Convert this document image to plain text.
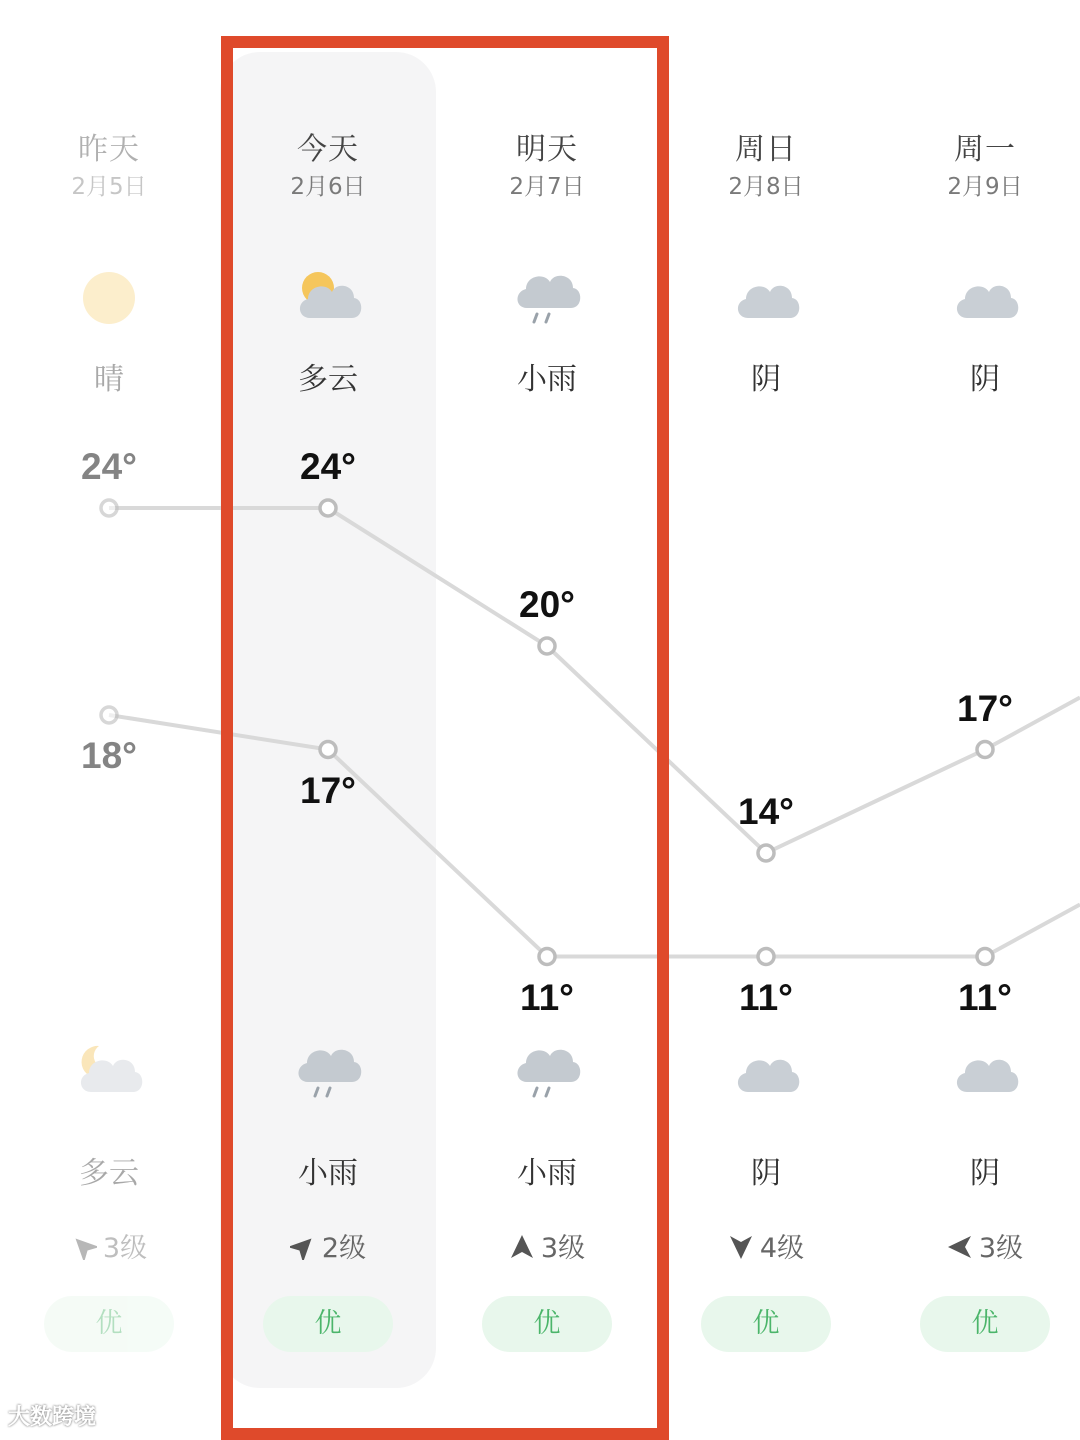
昨天
2月5日
晴
多云
3级
优
今天
2月6日
多云
小雨
2级
优
明天
2月7日
小雨
小雨
3级
优
周日
2月8日
阴
阴
4级
优
周一
2月9日
阴
阴
3级
优
大数跨境
24°
18°
24°
17°
20°
11°
14°
11°
17°
11°
